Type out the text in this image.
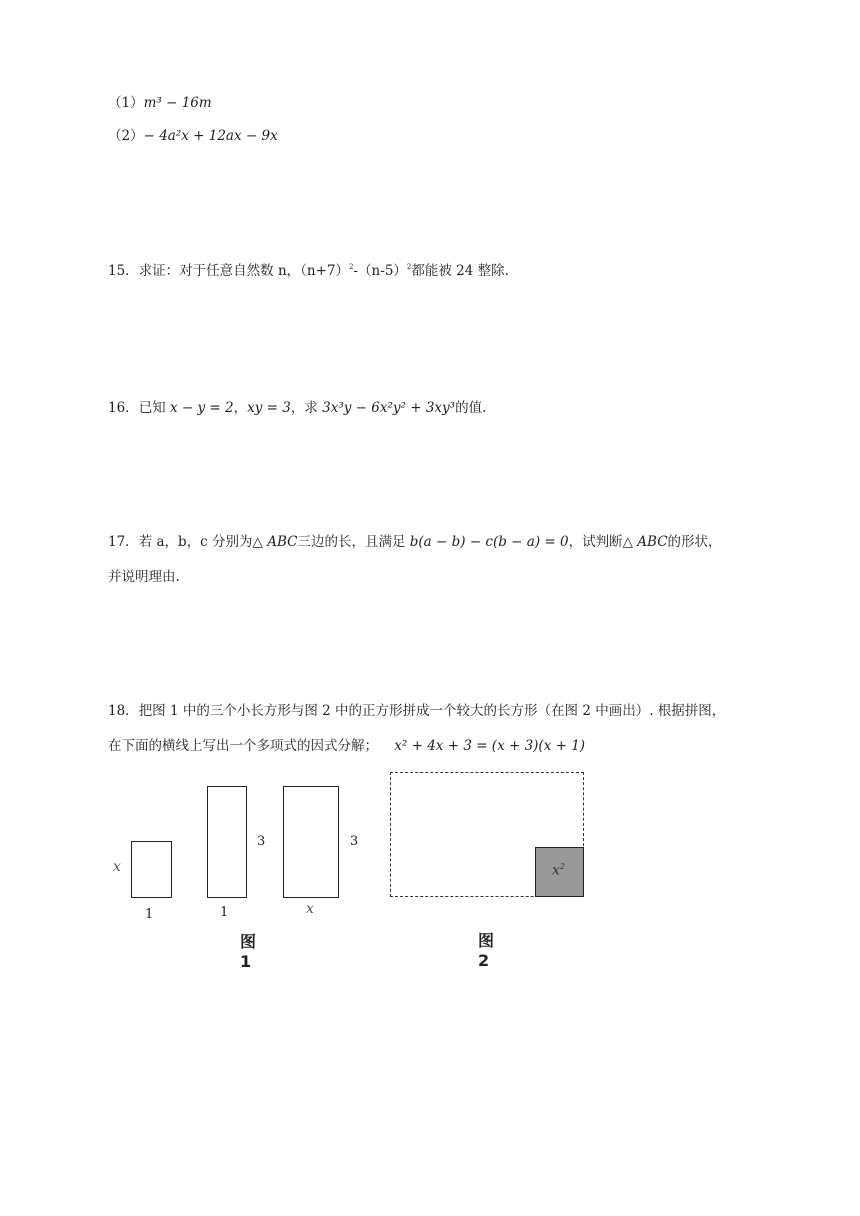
（1）m³ − 16m
（2）− 4a²x + 12ax − 9x
15．求证：对于任意自然数 n，$(n+7)^2-(n-5)^2$都能被 24 整除.
16．已知 x − y = 2，xy = 3，求 3x³y − 6x²y² + 3xy³的值.
17．若 a，b，c 分别为△ ABC三边的长，且满足 b(a − b) − c(b − a) = 0，试判断△ ABC的形状，
并说明理由.
18．把图 1 中的三个小长方形与图 2 中的正方形拼成一个较大的长方形（在图 2 中画出）. 根据拼图，
在下面的横线上写出一个多项式的因式分解； x² + 4x + 3 = (x + 3)(x + 1)
x
1
3
1
3
x
图1
$x^2$
图2
